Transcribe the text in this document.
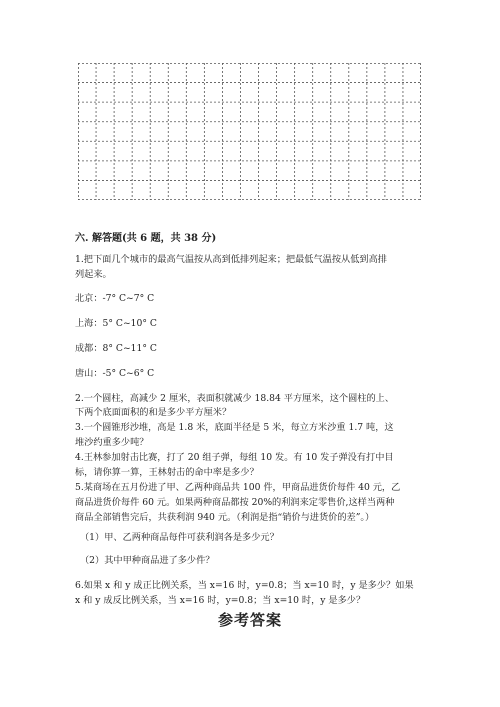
六. 解答题(共 6 题，共 38 分)
1.把下面几个城市的最高气温按从高到低排列起来；把最低气温按从低到高排
列起来。
北京：-7° C~7° C
上海：5° C~10° C
成都：8° C~11° C
唐山：-5° C~6° C
2.一个圆柱，高减少 2 厘米，表面积就减少 18.84 平方厘米，这个圆柱的上、
下两个底面面积的和是多少平方厘米？
3.一个圆锥形沙堆，高是 1.8 米，底面半径是 5 米，每立方米沙重 1.7 吨，这
堆沙约重多少吨？
4.王林参加射击比赛，打了 20 组子弹，每组 10 发。有 10 发子弹没有打中目
标，请你算一算，王林射击的命中率是多少？
5.某商场在五月份进了甲、乙两种商品共 100 件，甲商品进货价每件 40 元，乙
商品进货价每件 60 元。如果两种商品都按 20%的利润来定零售价,这样当两种
商品全部销售完后，共获利润 940 元。（利润是指“销价与进货价的差”。）
（1）甲、乙两种商品每件可获利润各是多少元？
（2）其中甲种商品进了多少件？
6.如果 x 和 y 成正比例关系，当 x=16 时，y=0.8；当 x=10 时，y 是多少？如果
x 和 y 成反比例关系，当 x=16 时，y=0.8；当 x=10 时，y 是多少？
参考答案
